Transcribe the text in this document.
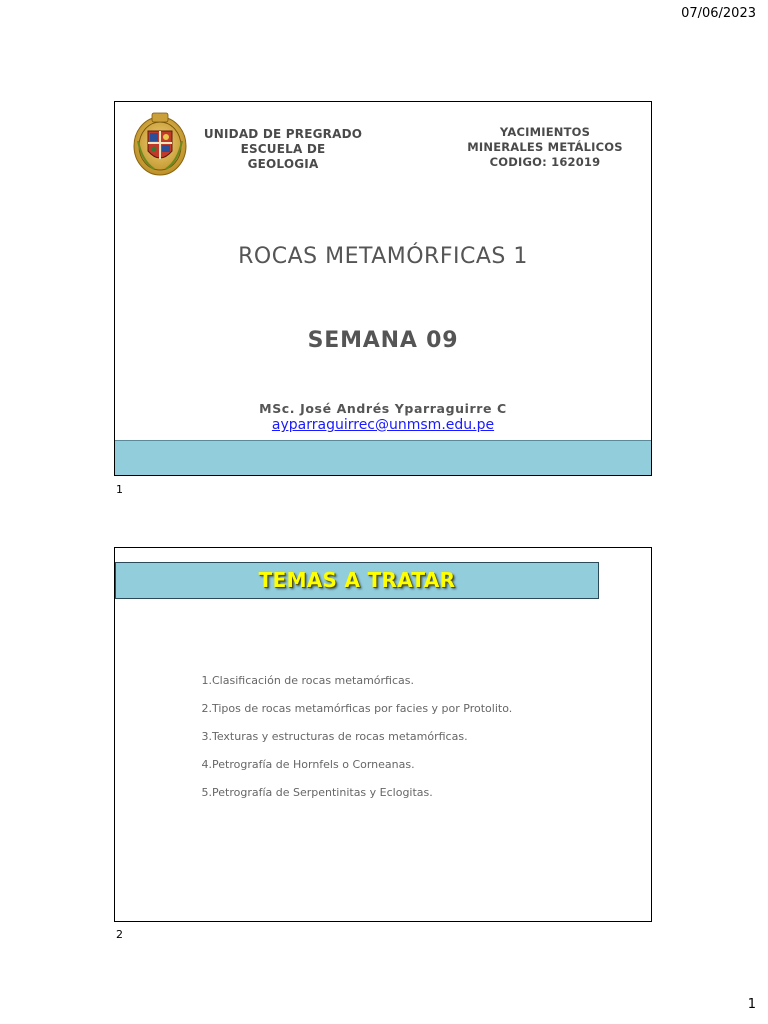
07/06/2023
UNIDAD DE PREGRADO
ESCUELA DE GEOLOGIA
YACIMIENTOS
MINERALES METÁLICOS
CODIGO: 162019
ROCAS METAMÓRFICAS 1
SEMANA 09
MSc. José Andrés Yparraguirre C
ayparraguirrec@unmsm.edu.pe
1
TEMAS A TRATAR
1. Clasificación de rocas metamórficas.
2. Tipos de rocas metamórficas por facies y por Protolito.
3. Texturas y estructuras de rocas metamórficas.
4. Petrografía de Hornfels o Corneanas.
5. Petrografía de Serpentinitas y Eclogitas.
2
1
